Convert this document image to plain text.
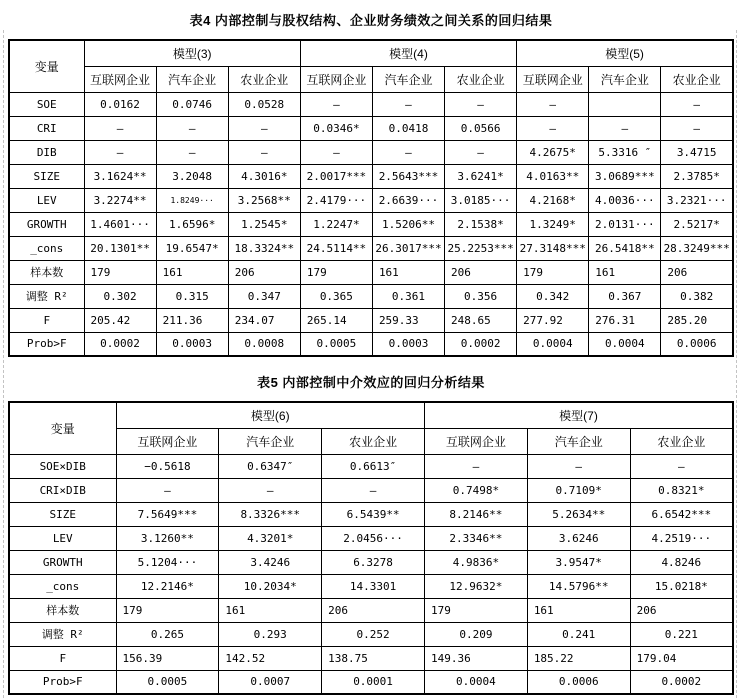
表4 内部控制与股权结构、企业财务绩效之间关系的回归结果
变量	模型(3)			模型(4)			模型(5)		
	互联网企业	汽车企业	农业企业	互联网企业	汽车企业	农业企业	互联网企业	汽车企业	农业企业
SOE	0.0162	0.0746	0.0528	—	—	—	—		—
CRI	—	—	—	0.0346*	0.0418	0.0566	—	—	—
DIB	—	—	—	—	—	—	4.2675*	5.3316 ″	3.4715
SIZE	3.1624**	3.2048	4.3016*	2.0017***	2.5643***	3.6241*	4.0163**	3.0689***	2.3785*
LEV	3.2274**	1.8249···	3.2568**	2.4179···	2.6639···	3.0185···	4.2168*	4.0036···	3.2321···
GROWTH	1.4601···	1.6596*	1.2545*	1.2247*	1.5206**	2.1538*	1.3249*	2.0131···	2.5217*
_cons	20.1301**	19.6547*	18.3324**	24.5114**	26.3017***	25.2253***	27.3148***	26.5418**	28.3249***
样本数	179	161	206	179	161	206	179	161	206
调整 R²	0.302	0.315	0.347	0.365	0.361	0.356	0.342	0.367	0.382
F	205.42	211.36	234.07	265.14	259.33	248.65	277.92	276.31	285.20
Prob>F	0.0002	0.0003	0.0008	0.0005	0.0003	0.0002	0.0004	0.0004	0.0006
表5 内部控制中介效应的回归分析结果
变量	模型(6)			模型(7)		
	互联网企业	汽车企业	农业企业	互联网企业	汽车企业	农业企业
SOE×DIB	−0.5618	0.6347″	0.6613″	—	—	—
CRI×DIB	—	—	—	0.7498*	0.7109*	0.8321*
SIZE	7.5649***	8.3326***	6.5439**	8.2146**	5.2634**	6.6542***
LEV	3.1260**	4.3201*	2.0456···	2.3346**	3.6246	4.2519···
GROWTH	5.1204···	3.4246	6.3278	4.9836*	3.9547*	4.8246
_cons	12.2146*	10.2034*	14.3301	12.9632*	14.5796**	15.0218*
样本数	179	161	206	179	161	206
调整 R²	0.265	0.293	0.252	0.209	0.241	0.221
F	156.39	142.52	138.75	149.36	185.22	179.04
Prob>F	0.0005	0.0007	0.0001	0.0004	0.0006	0.0002
